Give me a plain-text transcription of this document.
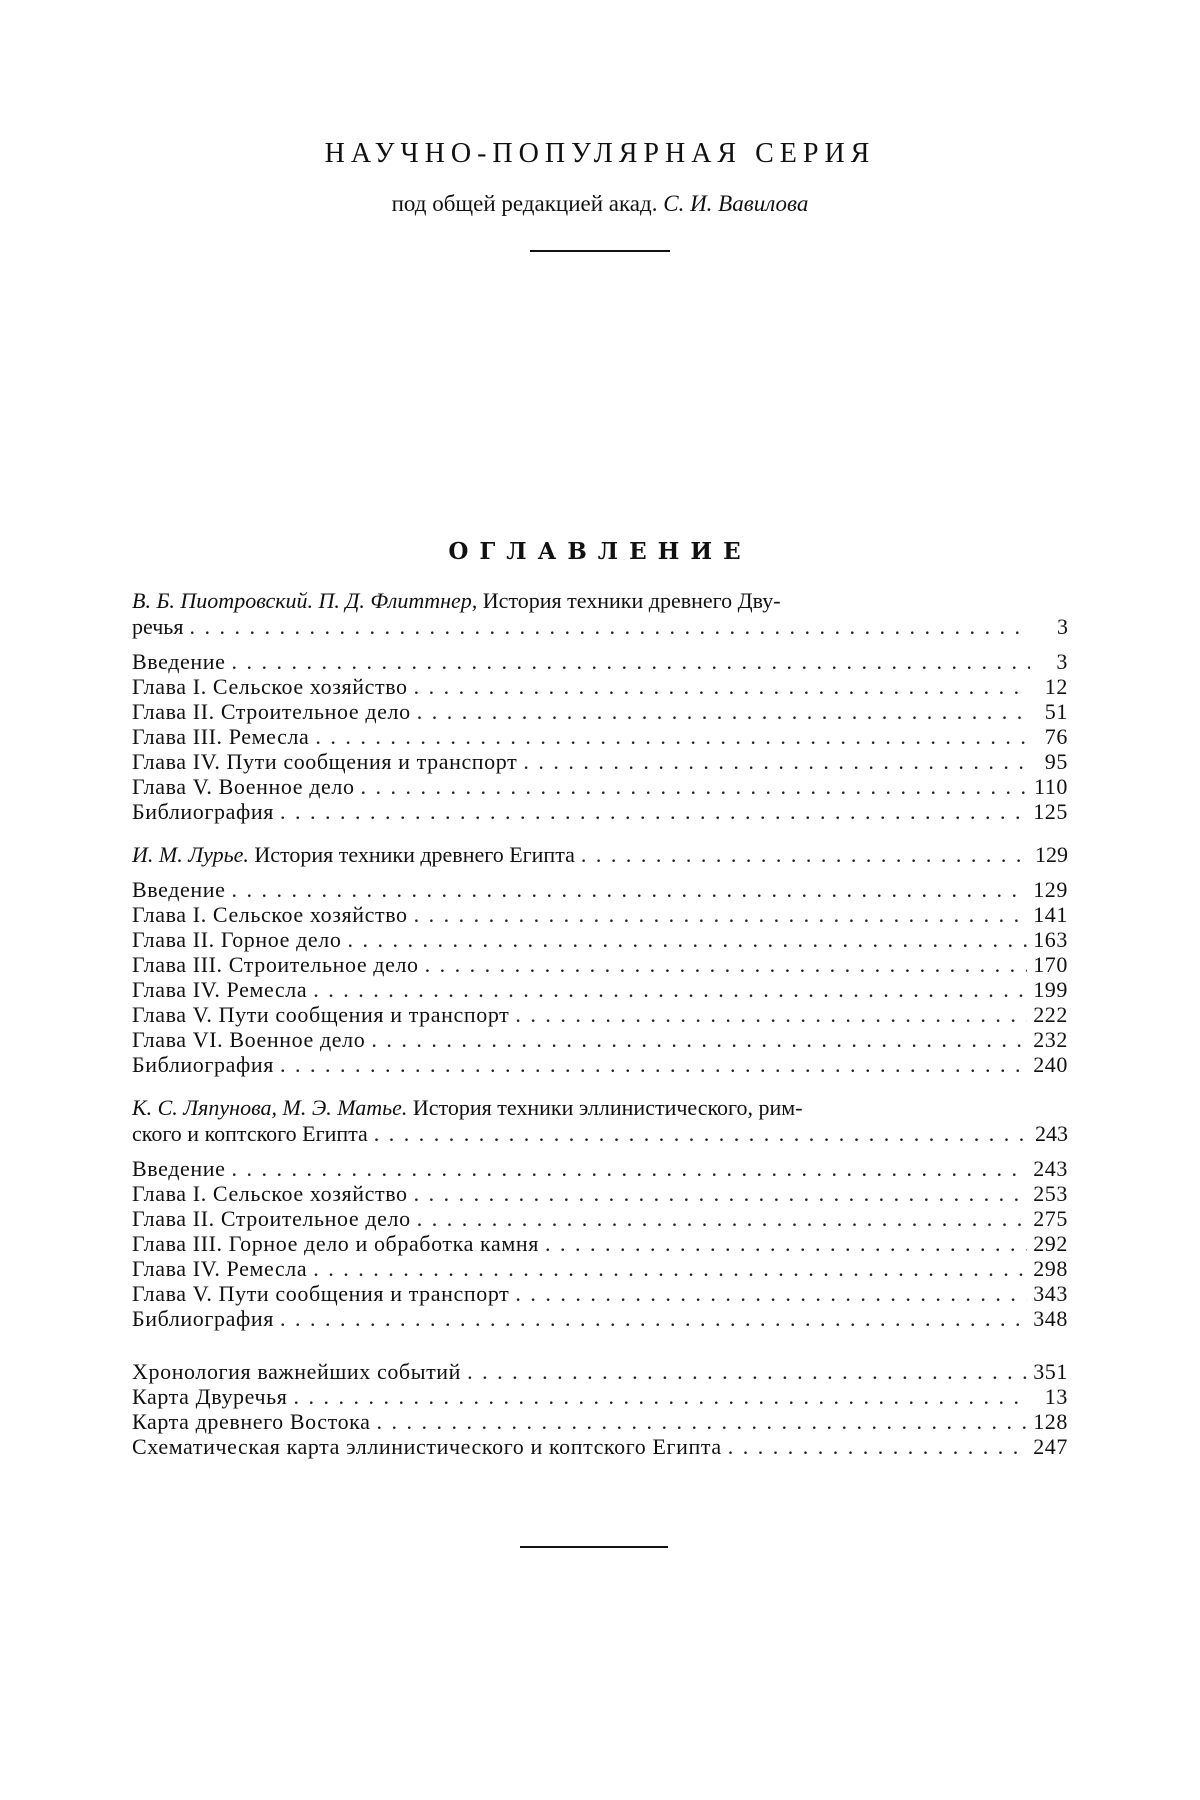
НАУЧНО-ПОПУЛЯРНАЯ СЕРИЯ
под общей редакцией акад. С. И. Вавилова
ОГЛАВЛЕНИЕ
В. Б. Пиотровский. П. Д. Флиттнер, История техники древнего Дву-
речья
. . .	3
Введение
. . .	3
Глава I. Сельское хозяйство
. . .	12
Глава II. Строительное дело
. . .	51
Глава III. Ремесла
. . .	76
Глава IV. Пути сообщения и транспорт
. . .	95
Глава V. Военное дело
. . .	110
Библиография
. . .	125
И. М. Лурье. История техники древнего Египта
. . .	129
Введение
. . .	129
Глава I. Сельское хозяйство
. . .	141
Глава II. Горное дело
. . .	163
Глава III. Строительное дело
. . .	170
Глава IV. Ремесла
. . .	199
Глава V. Пути сообщения и транспорт
. . .	222
Глава VI. Военное дело
. . .	232
Библиография
. . .	240
К. С. Ляпунова, М. Э. Матье. История техники эллинистического, рим-
ского и коптского Египта
. . .	243
Введение
. . .	243
Глава I. Сельское хозяйство
. . .	253
Глава II. Строительное дело
. . .	275
Глава III. Горное дело и обработка камня
. . .	292
Глава IV. Ремесла
. . .	298
Глава V. Пути сообщения и транспорт
. . .	343
Библиография
. . .	348
Хронология важнейших событий
. . .	351
Карта Двуречья
. . .	13
Карта древнего Востока
. . .	128
Схематическая карта эллинистического и коптского Египта
. . .	247
